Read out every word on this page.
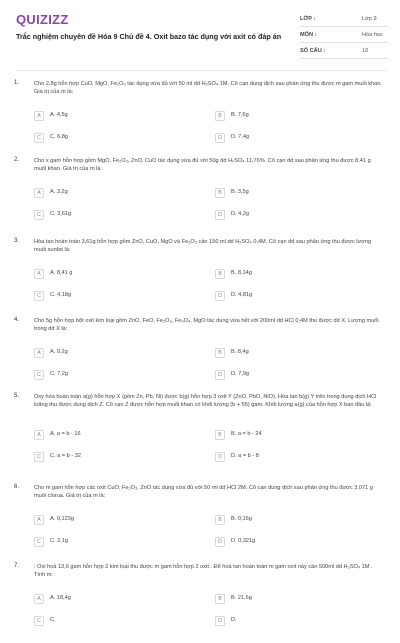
QUIZIZZ
Trắc nghiệm chuyên đề Hóa 9 Chủ đề 4. Oxit bazo tác dụng với axit có đáp án
LỚP :	Lớp 9
MÔN :	Hóa học
SỐ CÂU :	10
1.	Cho 2,8g hỗn hợp CuO, MgO, Fe₂O₃ tác dụng vừa đủ với 50 ml dd H₂SO₄ 1M. Cô cạn dung dịch sau phản ứng thu được m gam muối khan. Giá trị của m là:
A	A. 4,5g	B	B. 7,6g
C	C. 6,8g	D	D. 7,4g
2.	Cho x gam hỗn hợp gồm MgO, Fe₂O₃, ZnO, CuO tác dụng vừa đủ với 50g dd H₂SO₄ 11,76%. Cô cạn dd sau phản ứng thu được 8,41 g muối khan. Giá trị của m là:
A	A. 3,2g	B	B. 3,5g
C	C. 3,61g	D	D. 4,2g
3.	Hòa tan hoàn toàn 3,61g hỗn hợp gồm ZnO, CuO, MgO và Fe₂O₃ cần 150 ml dd H₂SO₄ 0,4M. Cô cạn dd sau phản ứng thu được lượng muối sunfat là:
A	A. 8,41 g	B	B. 8,14g
C	C. 4,18g	D	D. 4,81g
4.	Cho 5g hỗn hợp bột oxit kim loại gồm ZnO, FeO, Fe₂O₃, Fe₃O₄, MgO tác dụng vừa hết với 200ml dd HCl 0,4M thu được dd X. Lượng muối trong dd X là:
A	A. 9,2g	B	B. 8,4g
C	C. 7,2g	D	D. 7,9g
5.	Oxy hóa hoàn toàn a(g) hỗn hợp X (gồm Zn, Pb, Ni) được b(g) hỗn hợp 3 oxit Y (ZnO, PbO, NiO). Hòa tan b(g) Y trên trong dung dịch HCl loãng thu được dung dịch Z. Cô cạn Z được hỗn hợp muối khan có khối lượng (b + 55) gam. Khối lượng a(g) của hỗn hợp X ban đầu là:
A	A. a = b - 16	B	B. a = b - 24
C	C. a = b - 32	D	D. a = b - 8
6.	Cho m gam hỗn hợp các oxit CuO, Fe₂O₃, ZnO tác dụng vừa đủ với 50 ml dd HCl 2M. Cô cạn dung dịch sau phản ứng thu được 3,071 g muối clorua. Giá trị của m là:
A	A. 0,123g	B	B. 0,16g
C	C. 2,1g	D	D. 0,321g
7.	: Oxi hoá 13,6 gam hỗn hợp 2 kim loại thu được m gam hỗn hợp 2 oxit . Để hoà tan hoàn toàn m gam oxit này cần 500ml dd H₂SO₄ 1M . Tính m:
A	A. 18,4g	B	B. 21,6g
C	C.	D	D.
